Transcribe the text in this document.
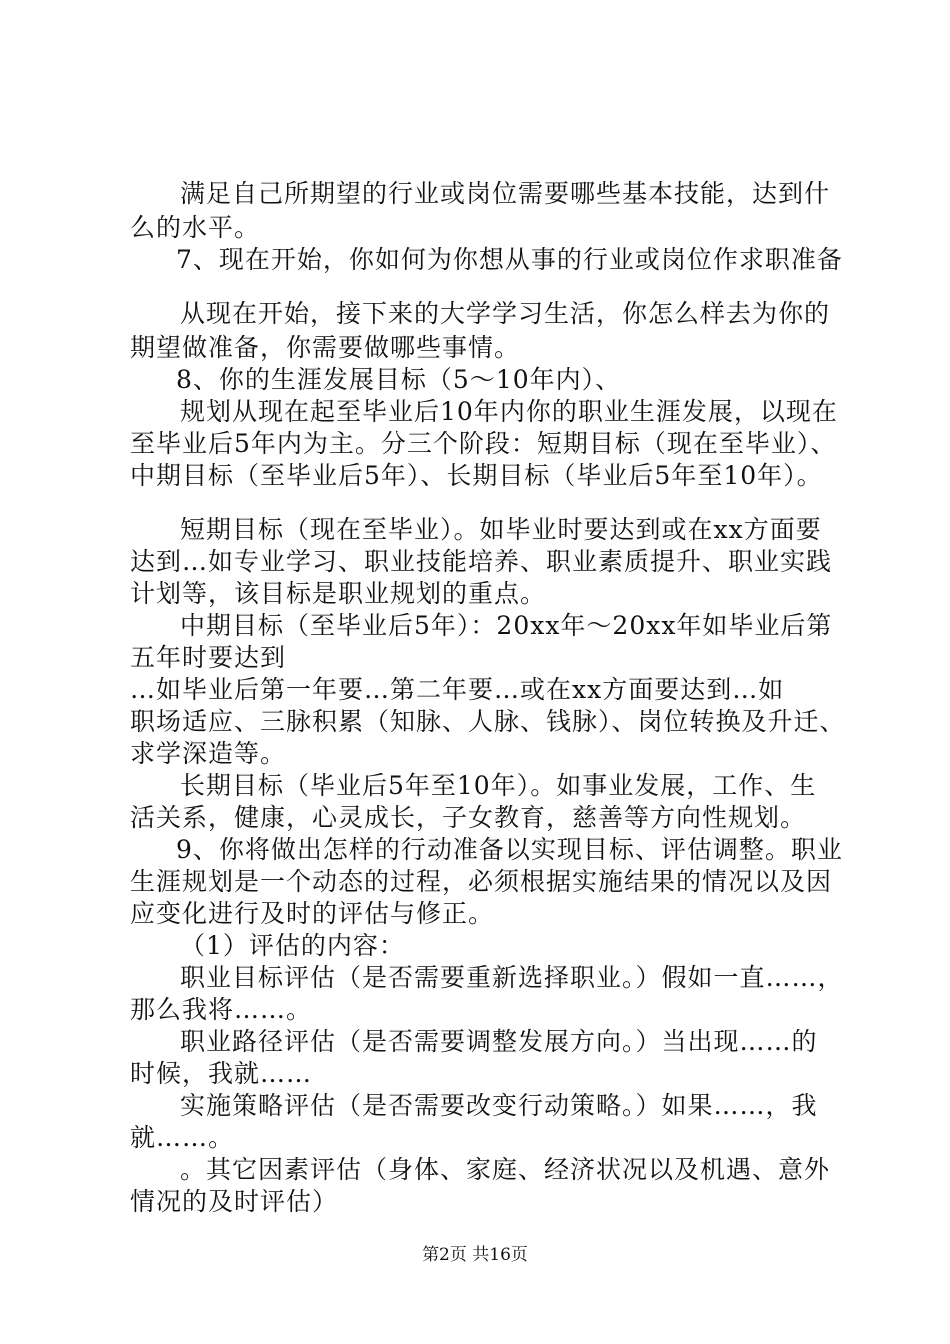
满足自己所期望的行业或岗位需要哪些基本技能，达到什
么的水平。
7、现在开始，你如何为你想从事的行业或岗位作求职准备
从现在开始，接下来的大学学习生活，你怎么样去为你的
期望做准备，你需要做哪些事情。
8、你的生涯发展目标（5～10年内）、
规划从现在起至毕业后10年内你的职业生涯发展，以现在
至毕业后5年内为主。分三个阶段：短期目标（现在至毕业）、
中期目标（至毕业后5年）、长期目标（毕业后5年至10年）。
短期目标（现在至毕业）。如毕业时要达到或在xx方面要
达到…如专业学习、职业技能培养、职业素质提升、职业实践
计划等，该目标是职业规划的重点。
中期目标（至毕业后5年）：20xx年～20xx年如毕业后第
五年时要达到
…如毕业后第一年要…第二年要…或在xx方面要达到…如
职场适应、三脉积累（知脉、人脉、钱脉）、岗位转换及升迁、
求学深造等。
长期目标（毕业后5年至10年）。如事业发展，工作、生
活关系，健康，心灵成长，子女教育，慈善等方向性规划。
9、你将做出怎样的行动准备以实现目标、评估调整。职业
生涯规划是一个动态的过程，必须根据实施结果的情况以及因
应变化进行及时的评估与修正。
（1）评估的内容：
职业目标评估（是否需要重新选择职业。）假如一直……，
那么我将……。
职业路径评估（是否需要调整发展方向。）当出现……的
时候，我就……
实施策略评估（是否需要改变行动策略。）如果……，我
就……。
。其它因素评估（身体、家庭、经济状况以及机遇、意外
情况的及时评估）
第2页 共16页
